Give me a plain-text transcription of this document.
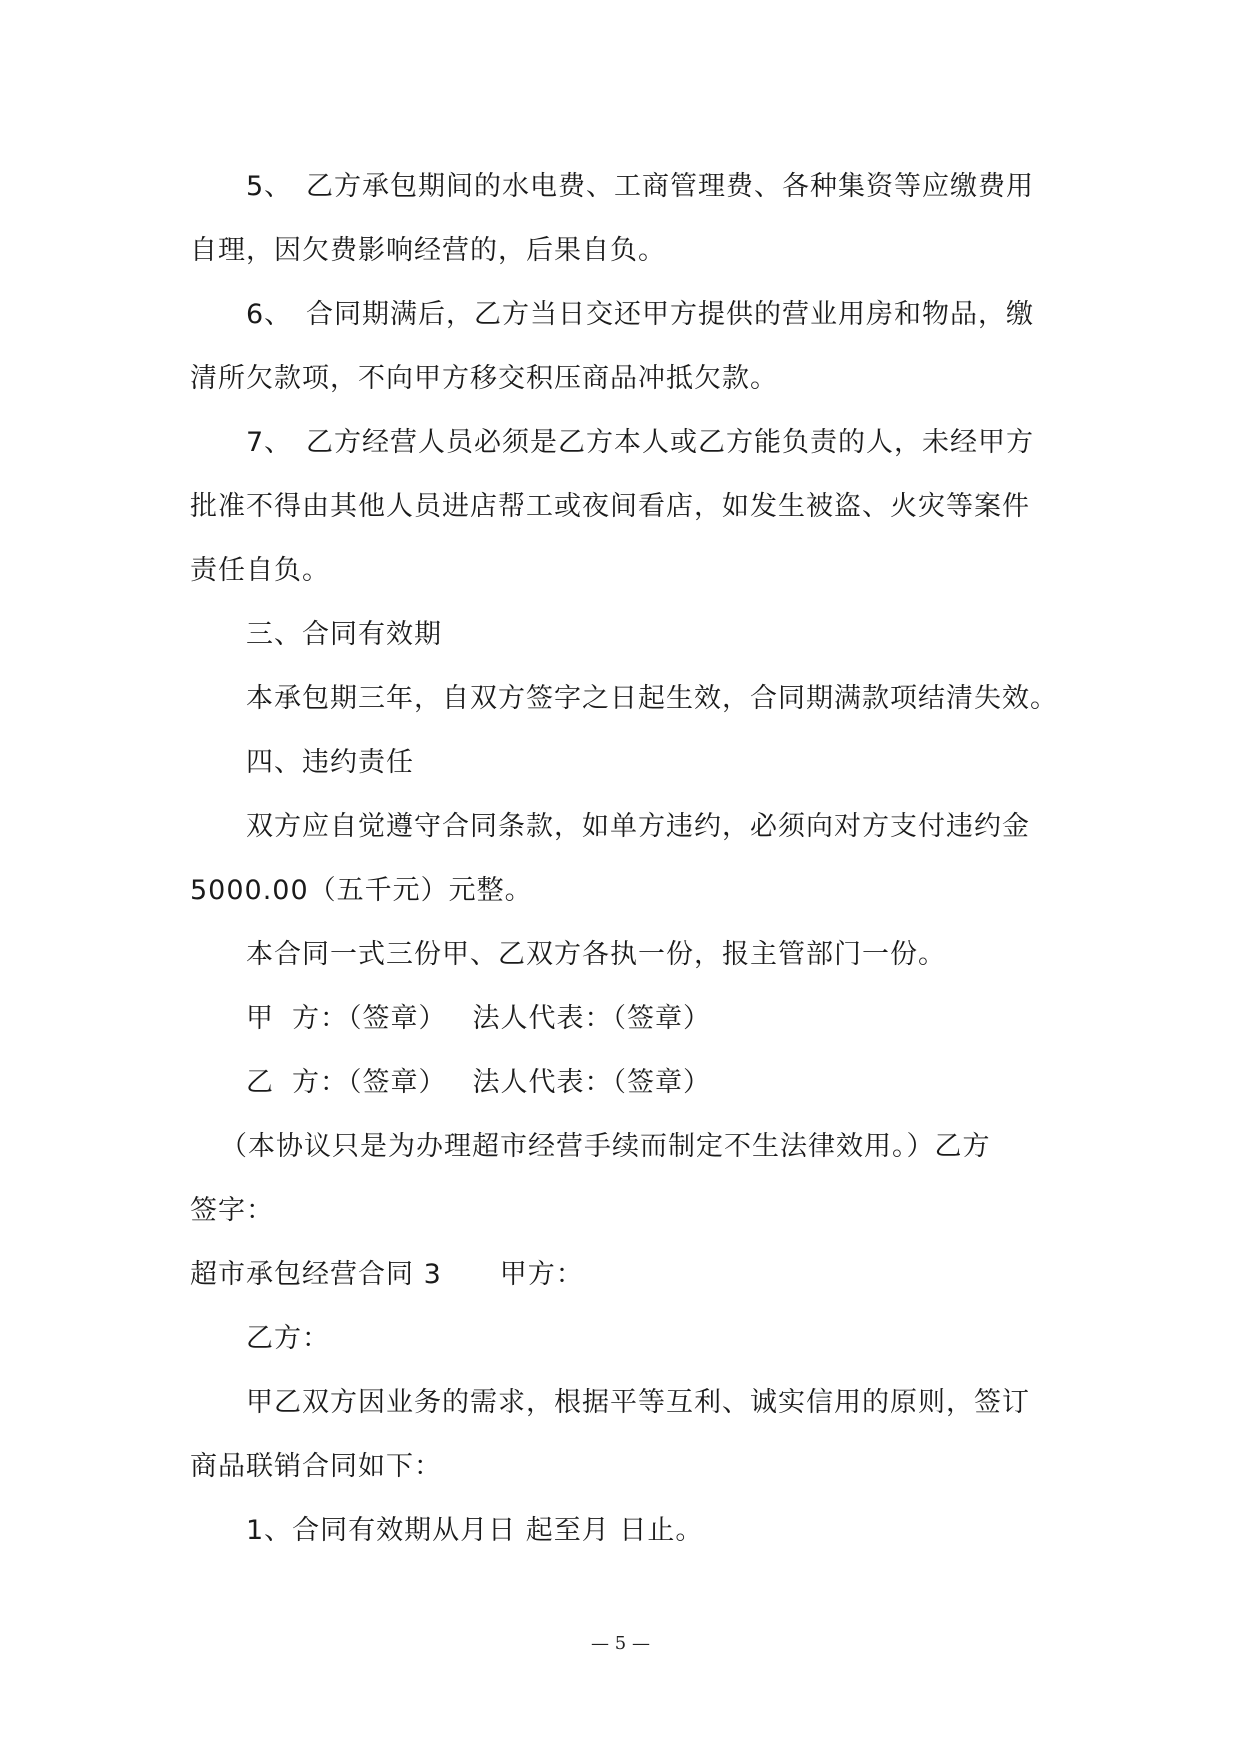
5、 乙方承包期间的水电费、工商管理费、各种集资等应缴费用

自理，因欠费影响经营的，后果自负。

6、 合同期满后，乙方当日交还甲方提供的营业用房和物品，缴

清所欠款项，不向甲方移交积压商品冲抵欠款。

7、 乙方经营人员必须是乙方本人或乙方能负责的人，未经甲方

批准不得由其他人员进店帮工或夜间看店，如发生被盗、火灾等案件

责任自负。

三、合同有效期

本承包期三年，自双方签字之日起生效，合同期满款项结清失效。

四、违约责任

双方应自觉遵守合同条款，如单方违约，必须向对方支付违约金

5000.00（五千元）元整。

本合同一式三份甲、乙双方各执一份，报主管部门一份。

甲 方：（签章） 法人代表：（签章）

乙 方：（签章） 法人代表：（签章）

（本协议只是为办理超市经营手续而制定不生法律效用。）乙方

签字：

超市承包经营合同 3 甲方：

乙方：

甲乙双方因业务的需求，根据平等互利、诚实信用的原则，签订

商品联销合同如下：

1、合同有效期从月日 起至月 日止。

— 5 —
